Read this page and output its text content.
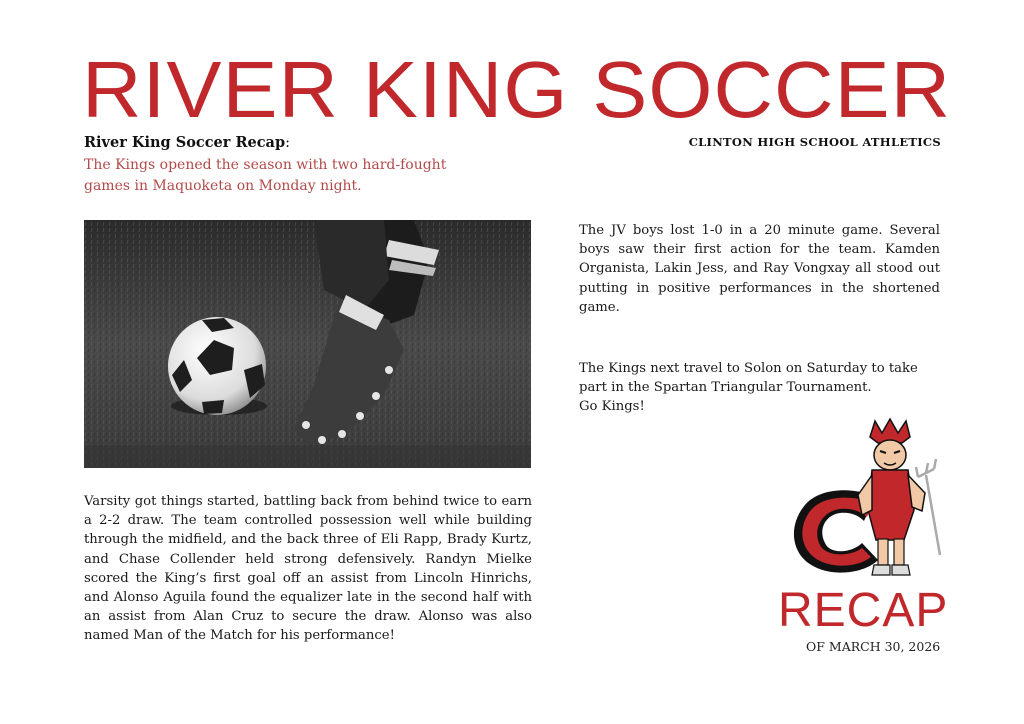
RIVER KING SOCCER
CLINTON HIGH SCHOOL ATHLETICS
River King Soccer Recap:
The Kings opened the season with two hard-fought games in Maquoketa on Monday night.
Varsity got things started, battling back from behind twice to earn a 2-2 draw. The team controlled possession well while building through the midfield, and the back three of Eli Rapp, Brady Kurtz, and Chase Collender held strong defensively. Randyn Mielke scored the King’s first goal off an assist from Lincoln Hinrichs, and Alonso Aguila found the equalizer late in the second half with an assist from Alan Cruz to secure the draw. Alonso was also named Man of the Match for his performance!
The JV boys lost 1-0 in a 20 minute game. Several boys saw their first action for the team. Kamden Organista, Lakin Jess, and Ray Vongxay all stood out putting in positive performances in the shortened game.
The Kings next travel to Solon on Saturday to take part in the Spartan Triangular Tournament.
Go Kings!
RECAP
OF MARCH 30, 2026
